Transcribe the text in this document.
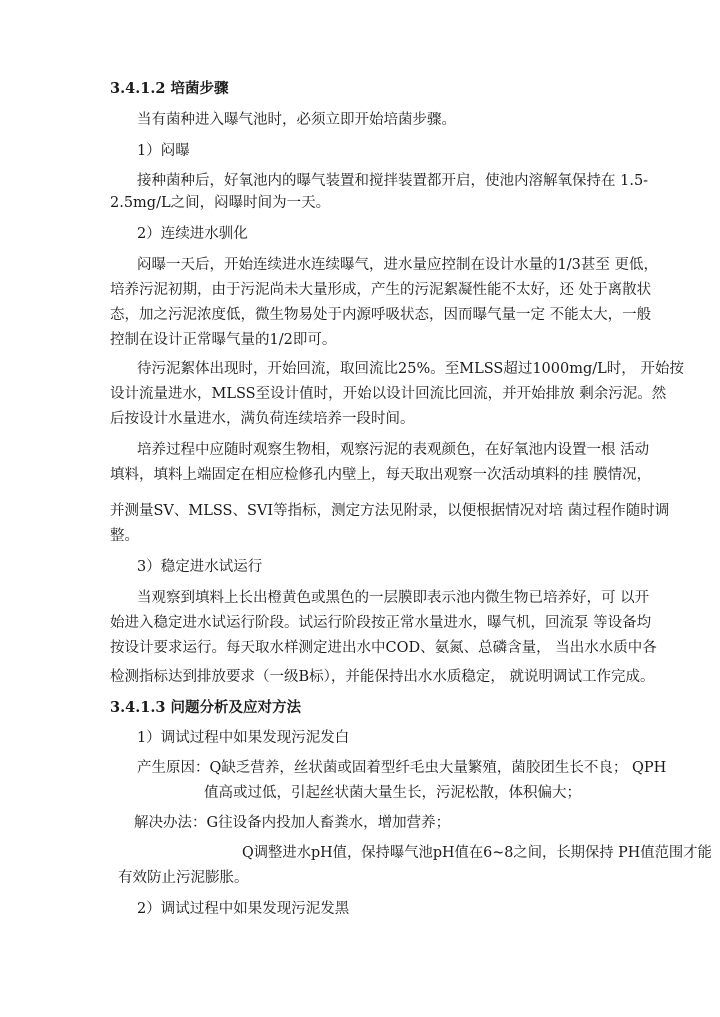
3.4.1.2 培菌步骤
当有菌种进入曝气池时，必须立即开始培菌步骤。
1）闷曝
接种菌种后，好氧池内的曝气装置和搅拌装置都开启，使池内溶解氧保持在 1.5-
2.5mg/L之间，闷曝时间为一天。
2）连续进水驯化
闷曝一天后，开始连续进水连续曝气，进水量应控制在设计水量的1/3甚至 更低，
培养污泥初期，由于污泥尚未大量形成，产生的污泥絮凝性能不太好，还 处于离散状
态，加之污泥浓度低，微生物易处于内源呼吸状态，因而曝气量一定 不能太大，一般
控制在设计正常曝气量的1/2即可。
待污泥絮体出现时，开始回流，取回流比25%。至MLSS超过1000mg/L时， 开始按
设计流量进水，MLSS至设计值时，开始以设计回流比回流，并开始排放 剩余污泥。然
后按设计水量进水，满负荷连续培养一段时间。
培养过程中应随时观察生物相，观察污泥的表观颜色，在好氧池内设置一根 活动
填料，填料上端固定在相应检修孔内壁上，每天取出观察一次活动填料的挂 膜情况，
并测量SV、MLSS、SVI等指标，测定方法见附录，以便根据情况对培 菌过程作随时调
整。
3）稳定进水试运行
当观察到填料上长出橙黄色或黑色的一层膜即表示池内微生物已培养好，可 以开
始进入稳定进水试运行阶段。试运行阶段按正常水量进水，曝气机，回流泵 等设备均
按设计要求运行。每天取水样测定进出水中COD、氨氮、总磷含量， 当出水水质中各
检测指标达到排放要求（一级B标），并能保持出水水质稳定， 就说明调试工作完成。
3.4.1.3 问题分析及应对方法
1）调试过程中如果发现污泥发白
产生原因：Q缺乏营养，丝状菌或固着型纤毛虫大量繁殖，菌胶团生长不良； QPH
值高或过低，引起丝状菌大量生长，污泥松散，体积偏大；
解决办法：G往设备内投加人畜粪水，增加营养；
Q调整进水pH值，保持曝气池pH值在6~8之间，长期保持 PH值范围才能
有效防止污泥膨胀。
2）调试过程中如果发现污泥发黑
